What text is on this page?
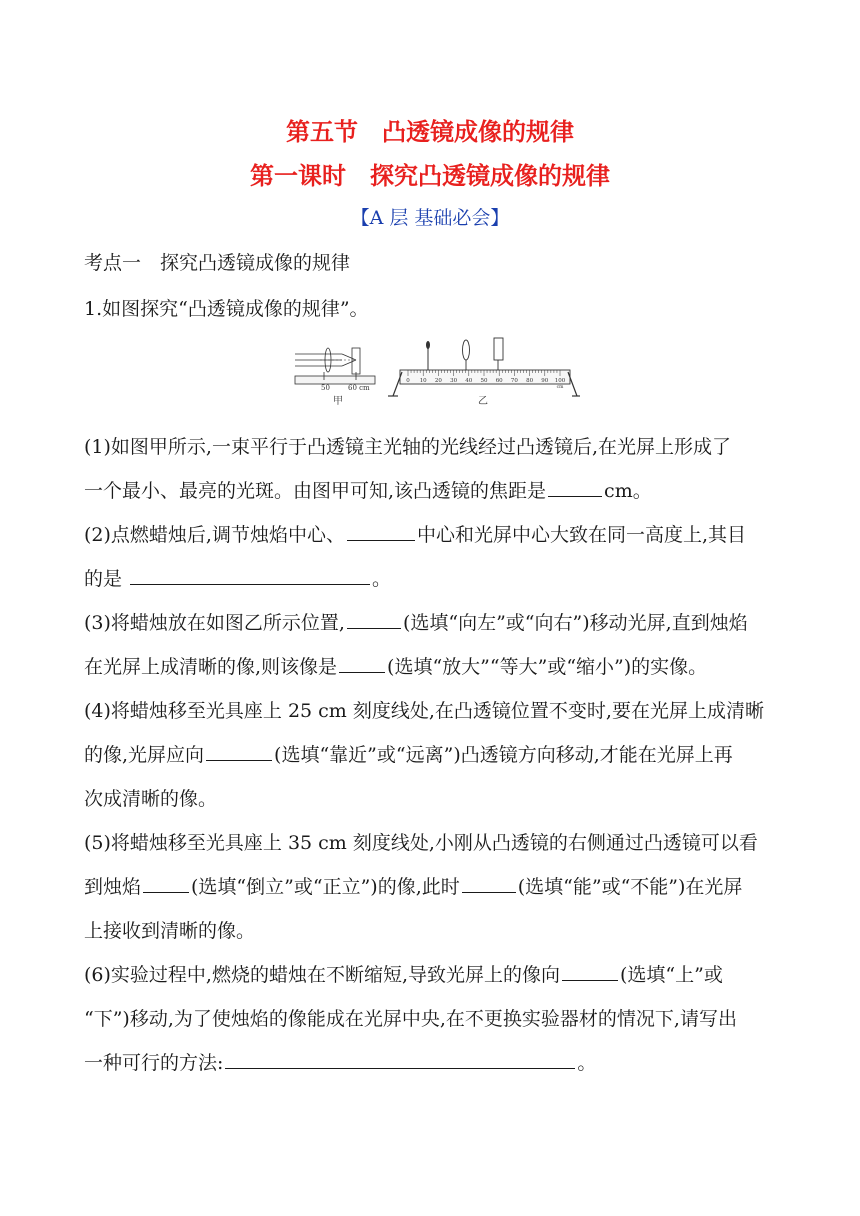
第五节　凸透镜成像的规律
第一课时　探究凸透镜成像的规律
【A 层 基础必会】
考点一　探究凸透镜成像的规律
1.如图探究“凸透镜成像的规律”。
50	60 cm
甲
0 10 20 30 40 50 60 70 80 90 100
cm
乙
(1)如图甲所示,一束平行于凸透镜主光轴的光线经过凸透镜后,在光屏上形成了
一个最小、最亮的光斑。由图甲可知,该凸透镜的焦距是	cm。
(2)点燃蜡烛后,调节烛焰中心、	中心和光屏中心大致在同一高度上,其目
的是	。
(3)将蜡烛放在如图乙所示位置,	(选填“向左”或“向右”)移动光屏,直到烛焰
在光屏上成清晰的像,则该像是	(选填“放大”“等大”或“缩小”)的实像。
(4)将蜡烛移至光具座上 25 cm 刻度线处,在凸透镜位置不变时,要在光屏上成清晰
的像,光屏应向	(选填“靠近”或“远离”)凸透镜方向移动,才能在光屏上再
次成清晰的像。
(5)将蜡烛移至光具座上 35 cm 刻度线处,小刚从凸透镜的右侧通过凸透镜可以看
到烛焰	(选填“倒立”或“正立”)的像,此时	(选填“能”或“不能”)在光屏
上接收到清晰的像。
(6)实验过程中,燃烧的蜡烛在不断缩短,导致光屏上的像向	(选填“上”或
“下”)移动,为了使烛焰的像能成在光屏中央,在不更换实验器材的情况下,请写出
一种可行的方法:	。
